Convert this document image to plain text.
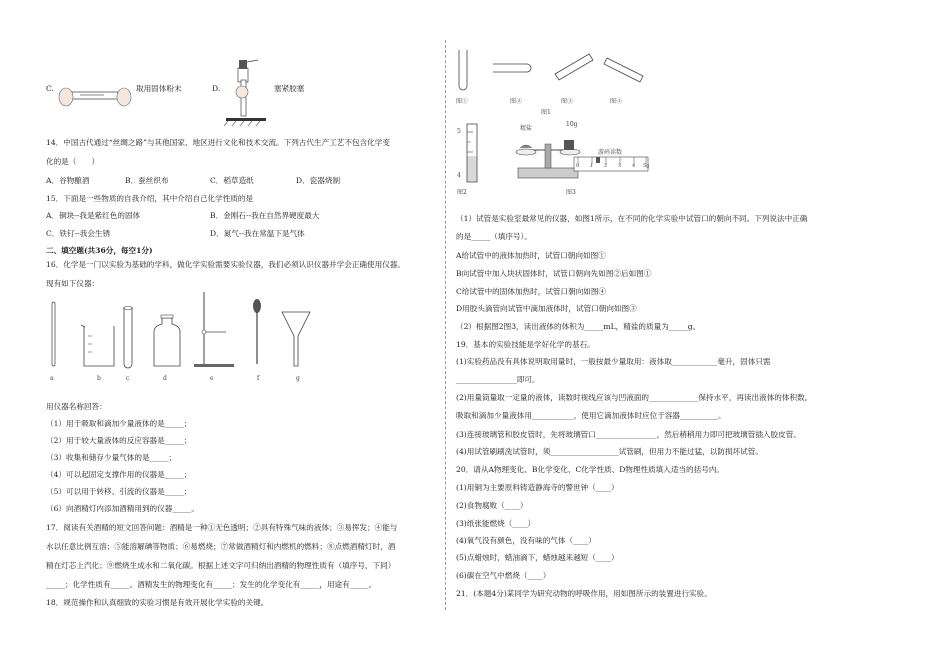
C.	取用固体粉末	D.	塞紧胶塞
14．中国古代通过“丝绸之路”与其他国家、地区进行文化和技术交流。下列古代生产工艺不包含化学变
化的是（　　）
A．谷物酿酒	B．蚕丝织布	C．稻草造纸	D．瓷器烧制
15．下面是一些物质的自我介绍，其中介绍自己化学性质的是
A．铜块--我是紫红色的固体	B．金刚石--我在自然界硬度最大
C．铁钉--我会生锈	D．氮气--我在常温下是气体
二、填空题(共36分，每空1分)
16．化学是一门以实验为基础的学科，做化学实验需要实验仪器，我们必须认识仪器并学会正确使用仪器。
现有如下仪器：
a	b	c	d	e	f	g
用仪器名称回答：
（1）用于吸取和滴加少量液体的是_____；
（2）用于较大量液体的反应容器是_____；
（3）收集和储存少量气体的是_____；
（4）可以起固定支撑作用的仪器是_____；
（5）可以用于转移、引流的仪器是_____；
（6）向酒精灯内添加酒精用到的仪器_____。
17．阅读有关酒精的短文回答问题：酒精是一种①无色透明；②具有特殊气味的液体；③易挥发；④能与
水以任意比例互溶；⑤能溶解碘等物质；⑥易燃烧；⑦常做酒精灯和内燃机的燃料；⑧点燃酒精灯时，酒
精在灯芯上汽化；⑨燃烧生成水和二氧化碳。根据上述文字可归纳出酒精的物理性质有（填序号，下同）
_____；化学性质有_____。酒精发生的物理变化有_____；发生的化学变化有_____，用途有_____。
18．规范操作和认真细致的实验习惯是有效开展化学实验的关键。
图①	图②	图③	图④
图1
5
4
图2
精盐
10g
游码读数
0 1 2 3 4 5g
图3
（1）试管是实验室最常见的仪器，如图1所示，在不同的化学实验中试管口的朝向不同。下列说法中正确
的是_____（填序号）。
A给试管中的液体加热时，试管口朝向如图①
B向试管中加入块状固体时，试管口朝向先如图②后如图①
C给试管中的固体加热时，试管口朝向如图④
D用胶头滴管向试管中滴加液体时，试管口朝向如图③
（2）根据图2图3，读出液体的体积为_____mL，精盐的质量为_____g。
19．基本的实验技能是学好化学的基石。
(1)实验药品没有具体说明取用量时，一般按最少量取用：液体取____________毫升，固体只需
________________即可。
(2)用量筒量取一定量的液体，读数时视线应该与凹液面的_____________保持水平，再读出液体的体积数。
吸取和滴加少量液体用___________，使用它滴加液体时应位于容器__________。
(3)连接玻璃管和胶皮管时，先将玻璃管口________________，然后稍稍用力即可把玻璃管插入胶皮管。
(4)用试管刷刷洗试管时，须__________________试管刷，但用力不能过猛，以防损坏试管。
20．请从A物理变化、B化学变化、C化学性质、D物理性质填入适当的括号内。
(1)用铜为主要原料铸造静海寺的警世钟（____）
(2)食物腐败（____）
(3)纸张能燃烧（____）
(4)氧气没有颜色，没有味的气体（____）
(5)点蜡烛时，蜡油滴下，蜡烛越来越短（____）
(6)碳在空气中燃烧（____）
21．(本题4分)某同学为研究动物的呼吸作用，用如图所示的装置进行实验。
